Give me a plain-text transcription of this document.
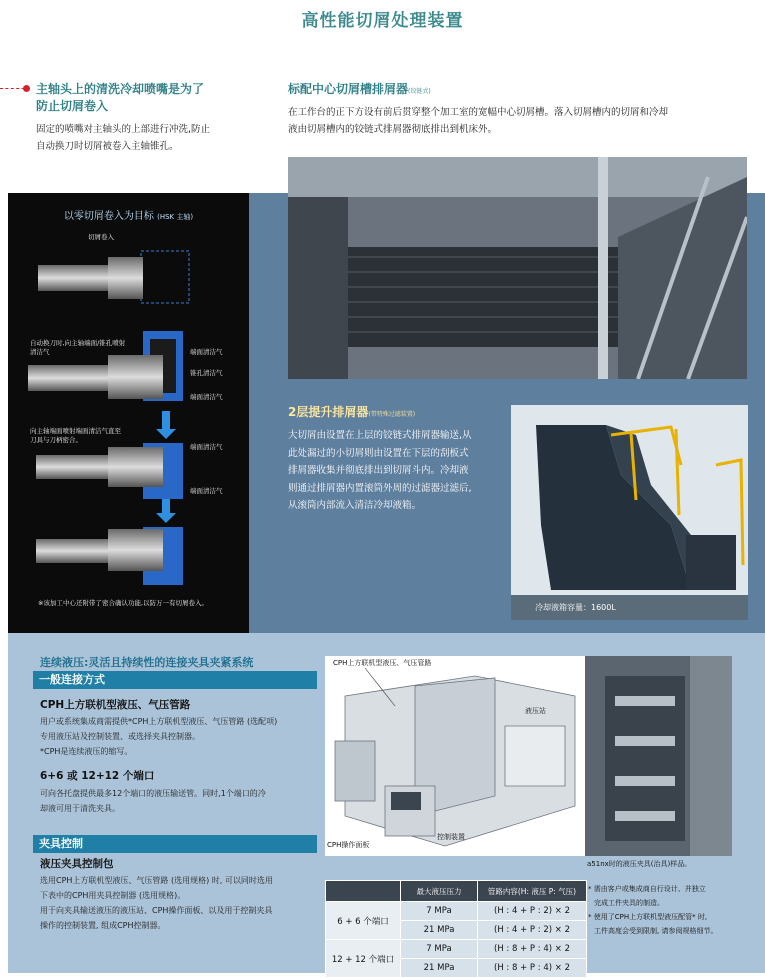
高性能切屑处理装置
主轴头上的清洗冷却喷嘴是为了
防止切屑卷入
固定的喷嘴对主轴头的上部进行冲洗,防止
自动换刀时切屑被卷入主轴锥孔。
以零切屑卷入为目标 (HSK 主轴)
切屑卷入
自动换刀时,向主轴端面/锥孔喷射
清洁气	端面清洁气
锥孔清洁气
端面清洁气
向主轴端面喷射端面清洁气直至
刀具与刀柄密合。
端面清洁气
端面清洁气
※该加工中心还附带了密合确认功能,以防万一有切屑卷入。
标配中心切屑槽排屑器(铰链式)
在工作台的正下方设有前后贯穿整个加工室的宽幅中心切屑槽。落入切屑槽内的切屑和冷却
液由切屑槽内的铰链式排屑器彻底排出到机床外。
2层提升排屑器(带特殊过滤装置)
大切屑由设置在上层的铰链式排屑器输送,从
此处漏过的小切屑则由设置在下层的刮板式
排屑器收集并彻底排出到切屑斗内。冷却液
则通过排屑器内置滚筒外周的过滤器过滤后,
从滚筒内部流入清洁冷却液箱。
冷却液箱容量：1600L
连续液压:灵活且持续性的连接夹具夹紧系统
一般连接方式
CPH上方联机型液压、气压管路
用户或系统集成商需提供*CPH上方联机型液压、气压管路 (选配项)
专用液压站及控制装置、或选择夹具控制器。
*CPH是连续液压的缩写。
6+6 或 12+12 个端口
可向各托盘提供最多12个端口的液压输送管。同时,1个端口的冷
却液可用于清洗夹具。
夹具控制
液压夹具控制包
选用CPH上方联机型液压、气压管路 (选用规格) 时, 可以同时选用
下表中的CPH用夹具控制器 (选用规格)。
用于向夹具输送液压的液压站、CPH操作面板、以及用于控制夹具
操作的控制装置, 组成CPH控制器。
CPH上方联机型液压、气压管路
液压站
控制装置
CPH操作面板
a51nx时的液压夹具(治具)样品。
	最大液压压力	管路内容(H: 液压 P: 气压)
6 + 6 个端口	7 MPa	(H : 4 + P : 2) × 2
	21 MPa	(H : 4 + P : 2) × 2
12 + 12 个端口	7 MPa	(H : 8 + P : 4) × 2
	21 MPa	(H : 8 + P : 4) × 2
* 需由客户或集成商自行设计、并独立
完成工件夹具的制造。
* 使用了CPH上方联机型液压配管* 时,
工件高度会受到限制, 请参阅规格细节。
